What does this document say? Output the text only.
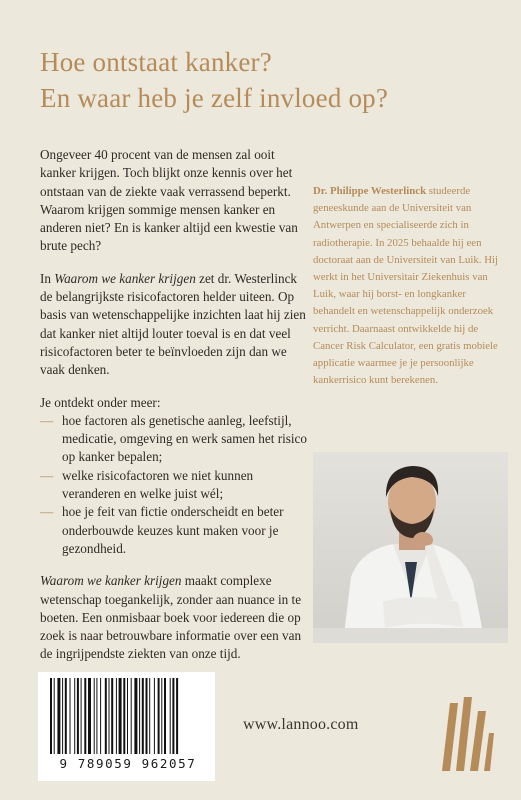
Hoe ontstaat kanker?
En waar heb je zelf invloed op?

Ongeveer 40 procent van de mensen zal ooit kanker krijgen. Toch blijkt onze kennis over het ontstaan van de ziekte vaak verrassend beperkt. Waarom krijgen sommige mensen kanker en anderen niet? En is kanker altijd een kwestie van brute pech?

In Waarom we kanker krijgen zet dr. Westerlinck de belangrijkste risicofactoren helder uiteen. Op basis van wetenschappelijke inzichten laat hij zien dat kanker niet altijd louter toeval is en dat veel risicofactoren beter te beïnvloeden zijn dan we vaak denken.

Je ontdekt onder meer:
— hoe factoren als genetische aanleg, leefstijl, medicatie, omgeving en werk samen het risico op kanker bepalen;
— welke risicofactoren we niet kunnen veranderen en welke juist wél;
— hoe je feit van fictie onderscheidt en beter onderbouwde keuzes kunt maken voor je gezondheid.

Waarom we kanker krijgen maakt complexe wetenschap toegankelijk, zonder aan nuance in te boeten. Een onmisbaar boek voor iedereen die op zoek is naar betrouwbare informatie over een van de ingrijpendste ziekten van onze tijd.

Dr. Philippe Westerlinck studeerde geneeskunde aan de Universiteit van Antwerpen en specialiseerde zich in radiotherapie. In 2025 behaalde hij een doctoraat aan de Universiteit van Luik. Hij werkt in het Universitair Ziekenhuis van Luik, waar hij borst- en longkanker behandelt en wetenschappelijk onderzoek verricht. Daarnaast ontwikkelde hij de Cancer Risk Calculator, een gratis mobiele applicatie waarmee je je persoonlijke kankerrisico kunt berekenen.
9 789059 962057
www.lannoo.com
